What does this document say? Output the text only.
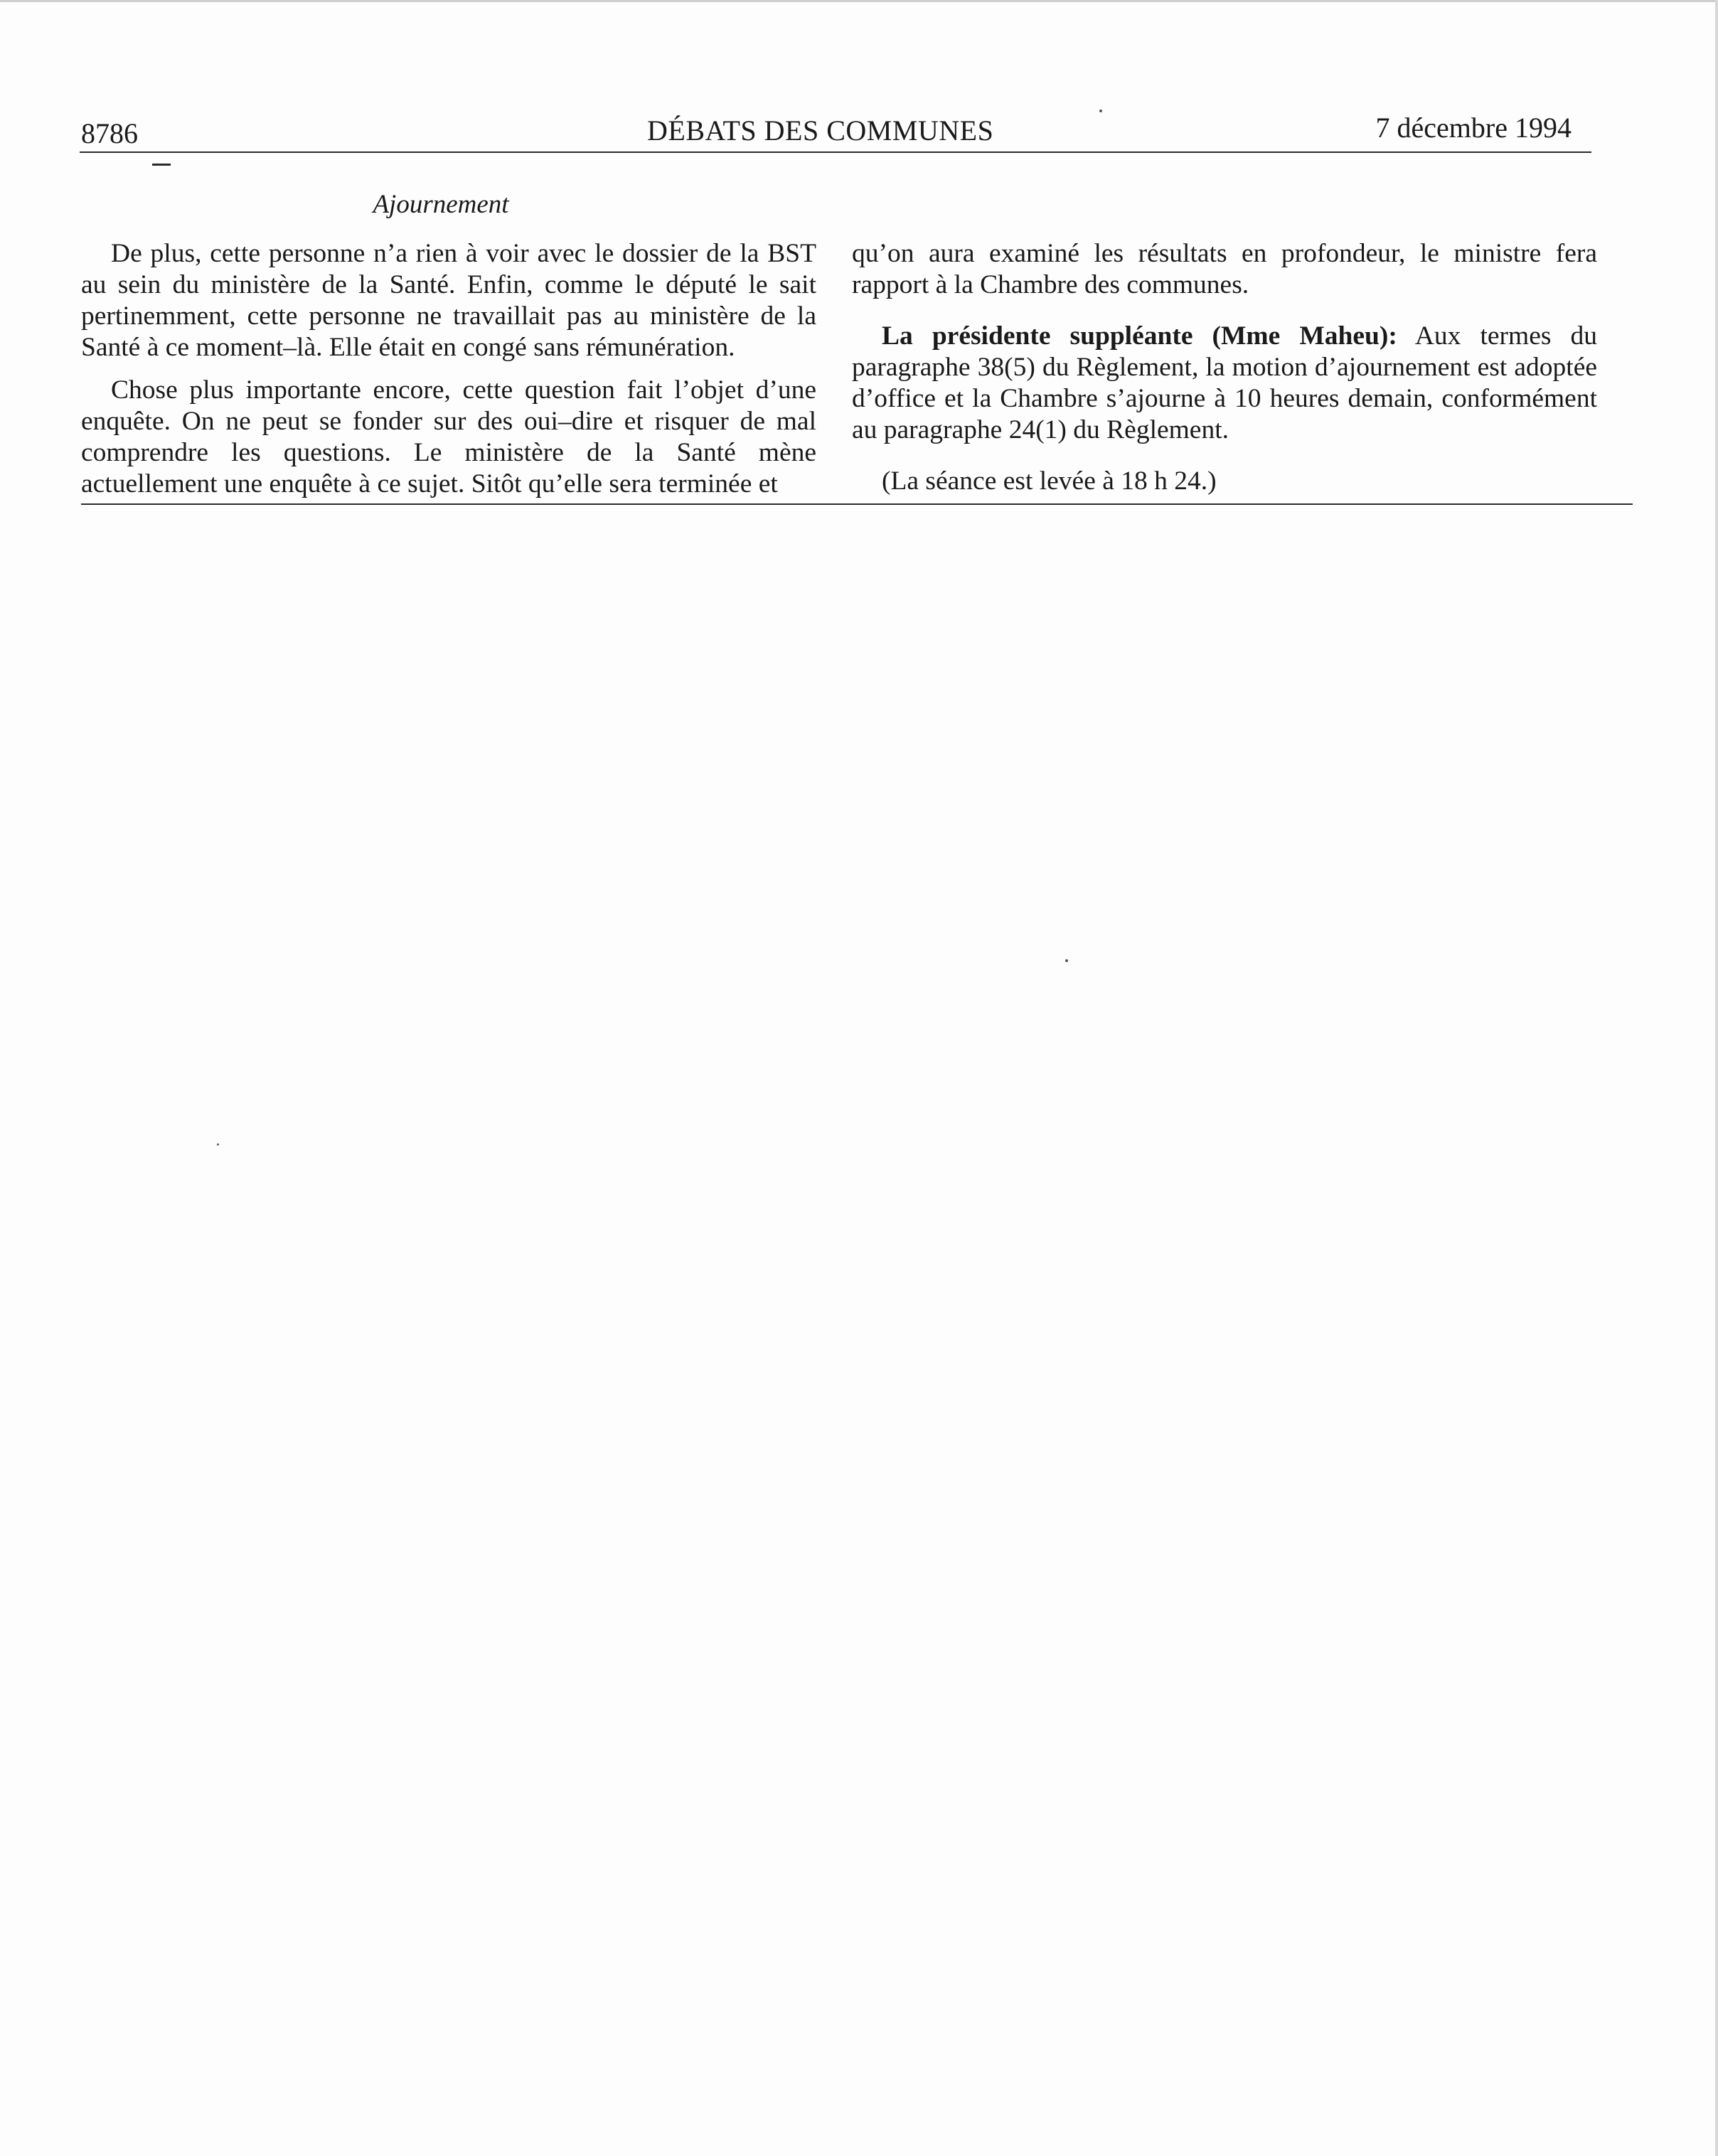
8786	DÉBATS DES COMMUNES	7 décembre 1994
Ajournement

De plus, cette personne n’a rien à voir avec le dossier de la BST au sein du ministère de la Santé. Enfin, comme le député le sait pertinemment, cette personne ne travaillait pas au ministère de la Santé à ce moment–là. Elle était en congé sans rémunération.

Chose plus importante encore, cette question fait l’objet d’une enquête. On ne peut se fonder sur des oui–dire et risquer de mal comprendre les questions. Le ministère de la Santé mène actuellement une enquête à ce sujet. Sitôt qu’elle sera terminée et

qu’on aura examiné les résultats en profondeur, le ministre fera rapport à la Chambre des communes.

La présidente suppléante (Mme Maheu): Aux termes du paragraphe 38(5) du Règlement, la motion d’ajournement est adoptée d’office et la Chambre s’ajourne à 10 heures demain, conformément au paragraphe 24(1) du Règlement.

(La séance est levée à 18 h 24.)
